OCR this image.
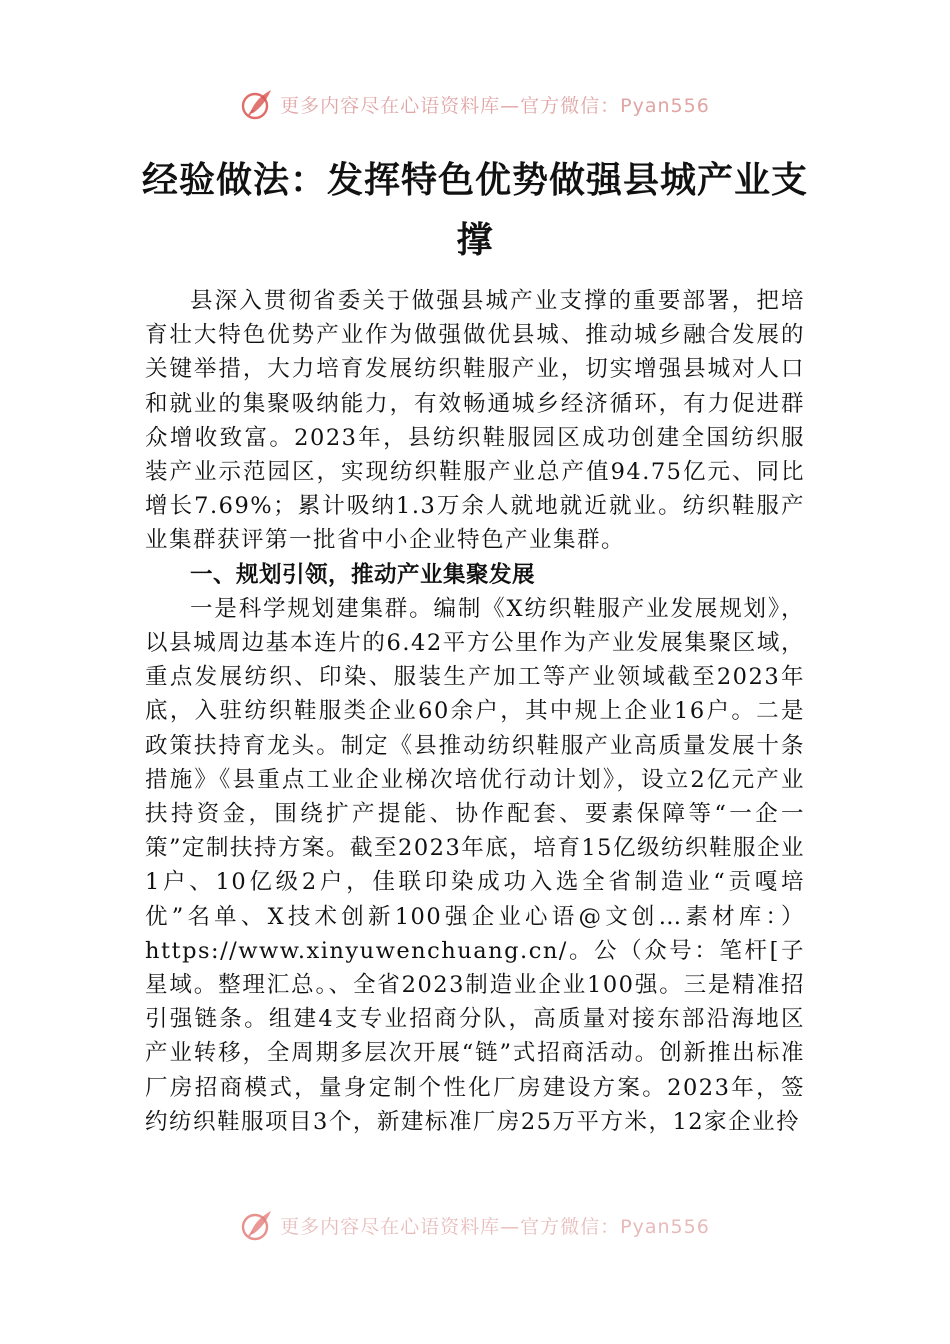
更多内容尽在心语资料库—官方微信：Pyan556
经验做法：发挥特色优势做强县城产业支撑

县深入贯彻省委关于做强县城产业支撑的重要部署，把培育壮大特色优势产业作为做强做优县城、推动城乡融合发展的关键举措，大力培育发展纺织鞋服产业，切实增强县城对人口和就业的集聚吸纳能力，有效畅通城乡经济循环，有力促进群众增收致富。2023年，县纺织鞋服园区成功创建全国纺织服装产业示范园区，实现纺织鞋服产业总产值94.75亿元、同比增长7.69%；累计吸纳1.3万余人就地就近就业。纺织鞋服产业集群获评第一批省中小企业特色产业集群。

一、规划引领，推动产业集聚发展

一是科学规划建集群。编制《X纺织鞋服产业发展规划》，以县城周边基本连片的6.42平方公里作为产业发展集聚区域，重点发展纺织、印染、服装生产加工等产业领域截至2023年底，入驻纺织鞋服类企业60余户，其中规上企业16户。二是政策扶持育龙头。制定《县推动纺织鞋服产业高质量发展十条措施》《县重点工业企业梯次培优行动计划》，设立2亿元产业扶持资金，围绕扩产提能、协作配套、要素保障等“一企一策”定制扶持方案。截至2023年底，培育15亿级纺织鞋服企业1户、10亿级2户，佳联印染成功入选全省制造业“贡嘎培优”名单、X技术创新100强企业心语@文创…素材库：）https://www.xinyuwenchuang.cn/。公（众号：笔杆[子星域。整理汇总。、全省2023制造业企业100强。三是精准招引强链条。组建4支专业招商分队，高质量对接东部沿海地区产业转移，全周期多层次开展“链”式招商活动。创新推出标准厂房招商模式，量身定制个性化厂房建设方案。2023年，签约纺织鞋服项目3个，新建标准厂房25万平方米，12家企业拎

更多内容尽在心语资料库—官方微信：Pyan556
